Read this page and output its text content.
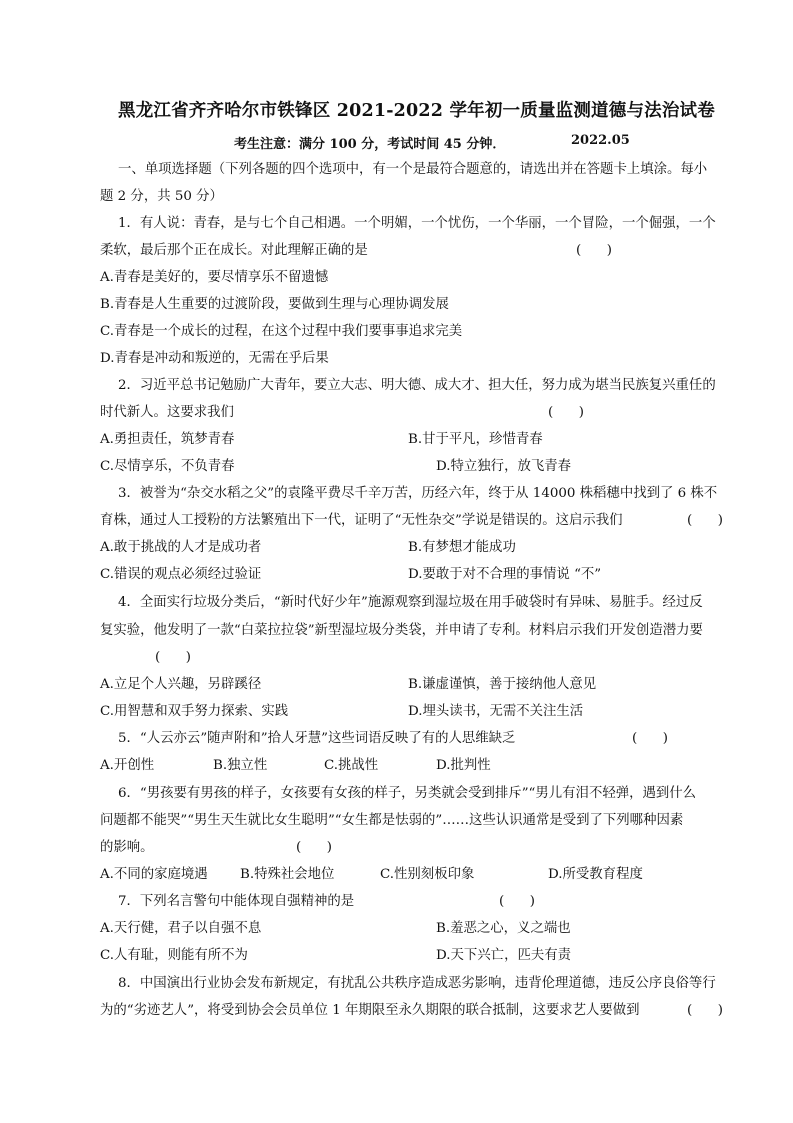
黑龙江省齐齐哈尔市铁锋区 2021-2022 学年初一质量监测道德与法治试卷
考生注意：满分 100 分，考试时间 45 分钟．	2022.05
一、单项选择题（下列各题的四个选项中，有一个是最符合题意的，请选出并在答题卡上填涂。每小
题 2 分，共 50 分）
1．有人说：青春，是与七个自己相遇。一个明媚，一个忧伤，一个华丽，一个冒险，一个倔强，一个
柔软，最后那个正在成长。对此理解正确的是	(      )
A.青春是美好的，要尽情享乐不留遗憾
B.青春是人生重要的过渡阶段，要做到生理与心理协调发展
C.青春是一个成长的过程，在这个过程中我们要事事追求完美
D.青春是冲动和叛逆的，无需在乎后果
2．习近平总书记勉励广大青年，要立大志、明大德、成大才、担大任，努力成为堪当民族复兴重任的
时代新人。这要求我们	(      )
A.勇担责任，筑梦青春	B.甘于平凡，珍惜青春
C.尽情享乐，不负青春	D.特立独行，放飞青春
3．被誉为“杂交水稻之父”的袁隆平费尽千辛万苦，历经六年，终于从 14000 株稻穗中找到了 6 株不
育株，通过人工授粉的方法繁殖出下一代，证明了“无性杂交”学说是错误的。这启示我们	(      )
A.敢于挑战的人才是成功者	B.有梦想才能成功
C.错误的观点必须经过验证	D.要敢于对不合理的事情说 “不”
4．全面实行垃圾分类后，“新时代好少年”施源观察到湿垃圾在用手破袋时有异味、易脏手。经过反
复实验，他发明了一款“白菜拉拉袋”新型湿垃圾分类袋，并申请了专利。材料启示我们开发创造潜力要
(      )
A.立足个人兴趣，另辟蹊径	B.谦虚谨慎，善于接纳他人意见
C.用智慧和双手努力探索、实践	D.埋头读书，无需不关注生活
5．“人云亦云”随声附和”拾人牙慧”这些词语反映了有的人思维缺乏	(      )
A.开创性	B.独立性	C.挑战性	D.批判性
6．“男孩要有男孩的样子，女孩要有女孩的样子，另类就会受到排斥”“男儿有泪不轻弹，遇到什么
问题都不能哭”“男生天生就比女生聪明”“女生都是怯弱的”……这些认识通常是受到了下列哪种因素
的影响。	(      )
A.不同的家庭境遇 B.特殊社会地位	C.性别刻板印象	D.所受教育程度
7．下列名言警句中能体现自强精神的是	(      )
A.天行健，君子以自强不息	B.羞恶之心，义之端也
C.人有耻，则能有所不为	D.天下兴亡，匹夫有责
8．中国演出行业协会发布新规定，有扰乱公共秩序造成恶劣影响，违背伦理道德，违反公序良俗等行
为的“劣迹艺人”，将受到协会会员单位 1 年期限至永久期限的联合抵制，这要求艺人要做到	(      )
